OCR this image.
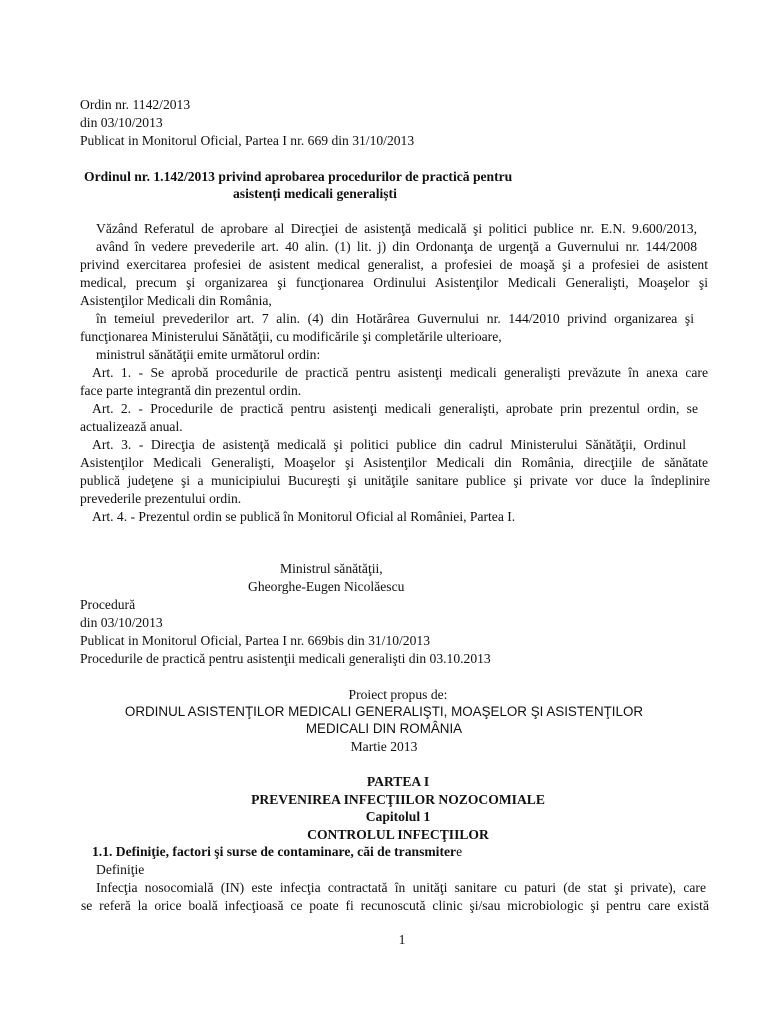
Ordin nr. 1142/2013
din 03/10/2013
Publicat in Monitorul Oficial, Partea I nr. 669 din 31/10/2013
Ordinul nr. 1.142/2013 privind aprobarea procedurilor de practică pentru
asistenți medicali generaliști
Văzând Referatul de aprobare al Direcţiei de asistenţă medicală şi politici publice nr. E.N. 9.600/2013,
având în vedere prevederile art. 40 alin. (1) lit. j) din Ordonanţa de urgenţă a Guvernului nr. 144/2008
privind exercitarea profesiei de asistent medical generalist, a profesiei de moaşă şi a profesiei de asistent
medical, precum şi organizarea şi funcţionarea Ordinului Asistenţilor Medicali Generalişti, Moaşelor şi
Asistenţilor Medicali din România,
în temeiul prevederilor art. 7 alin. (4) din Hotărârea Guvernului nr. 144/2010 privind organizarea şi
funcţionarea Ministerului Sănătăţii, cu modificările şi completările ulterioare,
ministrul sănătăţii emite următorul ordin:
Art. 1. - Se aprobă procedurile de practică pentru asistenţi medicali generalişti prevăzute în anexa care
face parte integrantă din prezentul ordin.
Art. 2. - Procedurile de practică pentru asistenţi medicali generalişti, aprobate prin prezentul ordin, se
actualizează anual.
Art. 3. - Direcţia de asistenţă medicală şi politici publice din cadrul Ministerului Sănătăţii, Ordinul
Asistenţilor Medicali Generalişti, Moaşelor şi Asistenţilor Medicali din România, direcţiile de sănătate
publică judeţene şi a municipiului Bucureşti şi unităţile sanitare publice şi private vor duce la îndeplinire
prevederile prezentului ordin.
Art. 4. - Prezentul ordin se publică în Monitorul Oficial al României, Partea I.
Ministrul sănătăţii,
Gheorghe-Eugen Nicolăescu
Procedură
din 03/10/2013
Publicat in Monitorul Oficial, Partea I nr. 669bis din 31/10/2013
Procedurile de practică pentru asistenţii medicali generalişti din 03.10.2013
Proiect propus de:
ORDINUL ASISTENŢILOR MEDICALI GENERALIŞTI, MOAŞELOR ŞI ASISTENŢILOR
MEDICALI DIN ROMÂNIA
Martie 2013
PARTEA I
PREVENIREA INFECŢIILOR NOZOCOMIALE
Capitolul 1
CONTROLUL INFECŢIILOR
1.1. Definiţie, factori şi surse de contaminare, căi de transmitere
Definiţie
Infecţia nosocomială (IN) este infecţia contractată în unităţi sanitare cu paturi (de stat şi private), care
se referă la orice boală infecţioasă ce poate fi recunoscută clinic şi/sau microbiologic şi pentru care există
1
